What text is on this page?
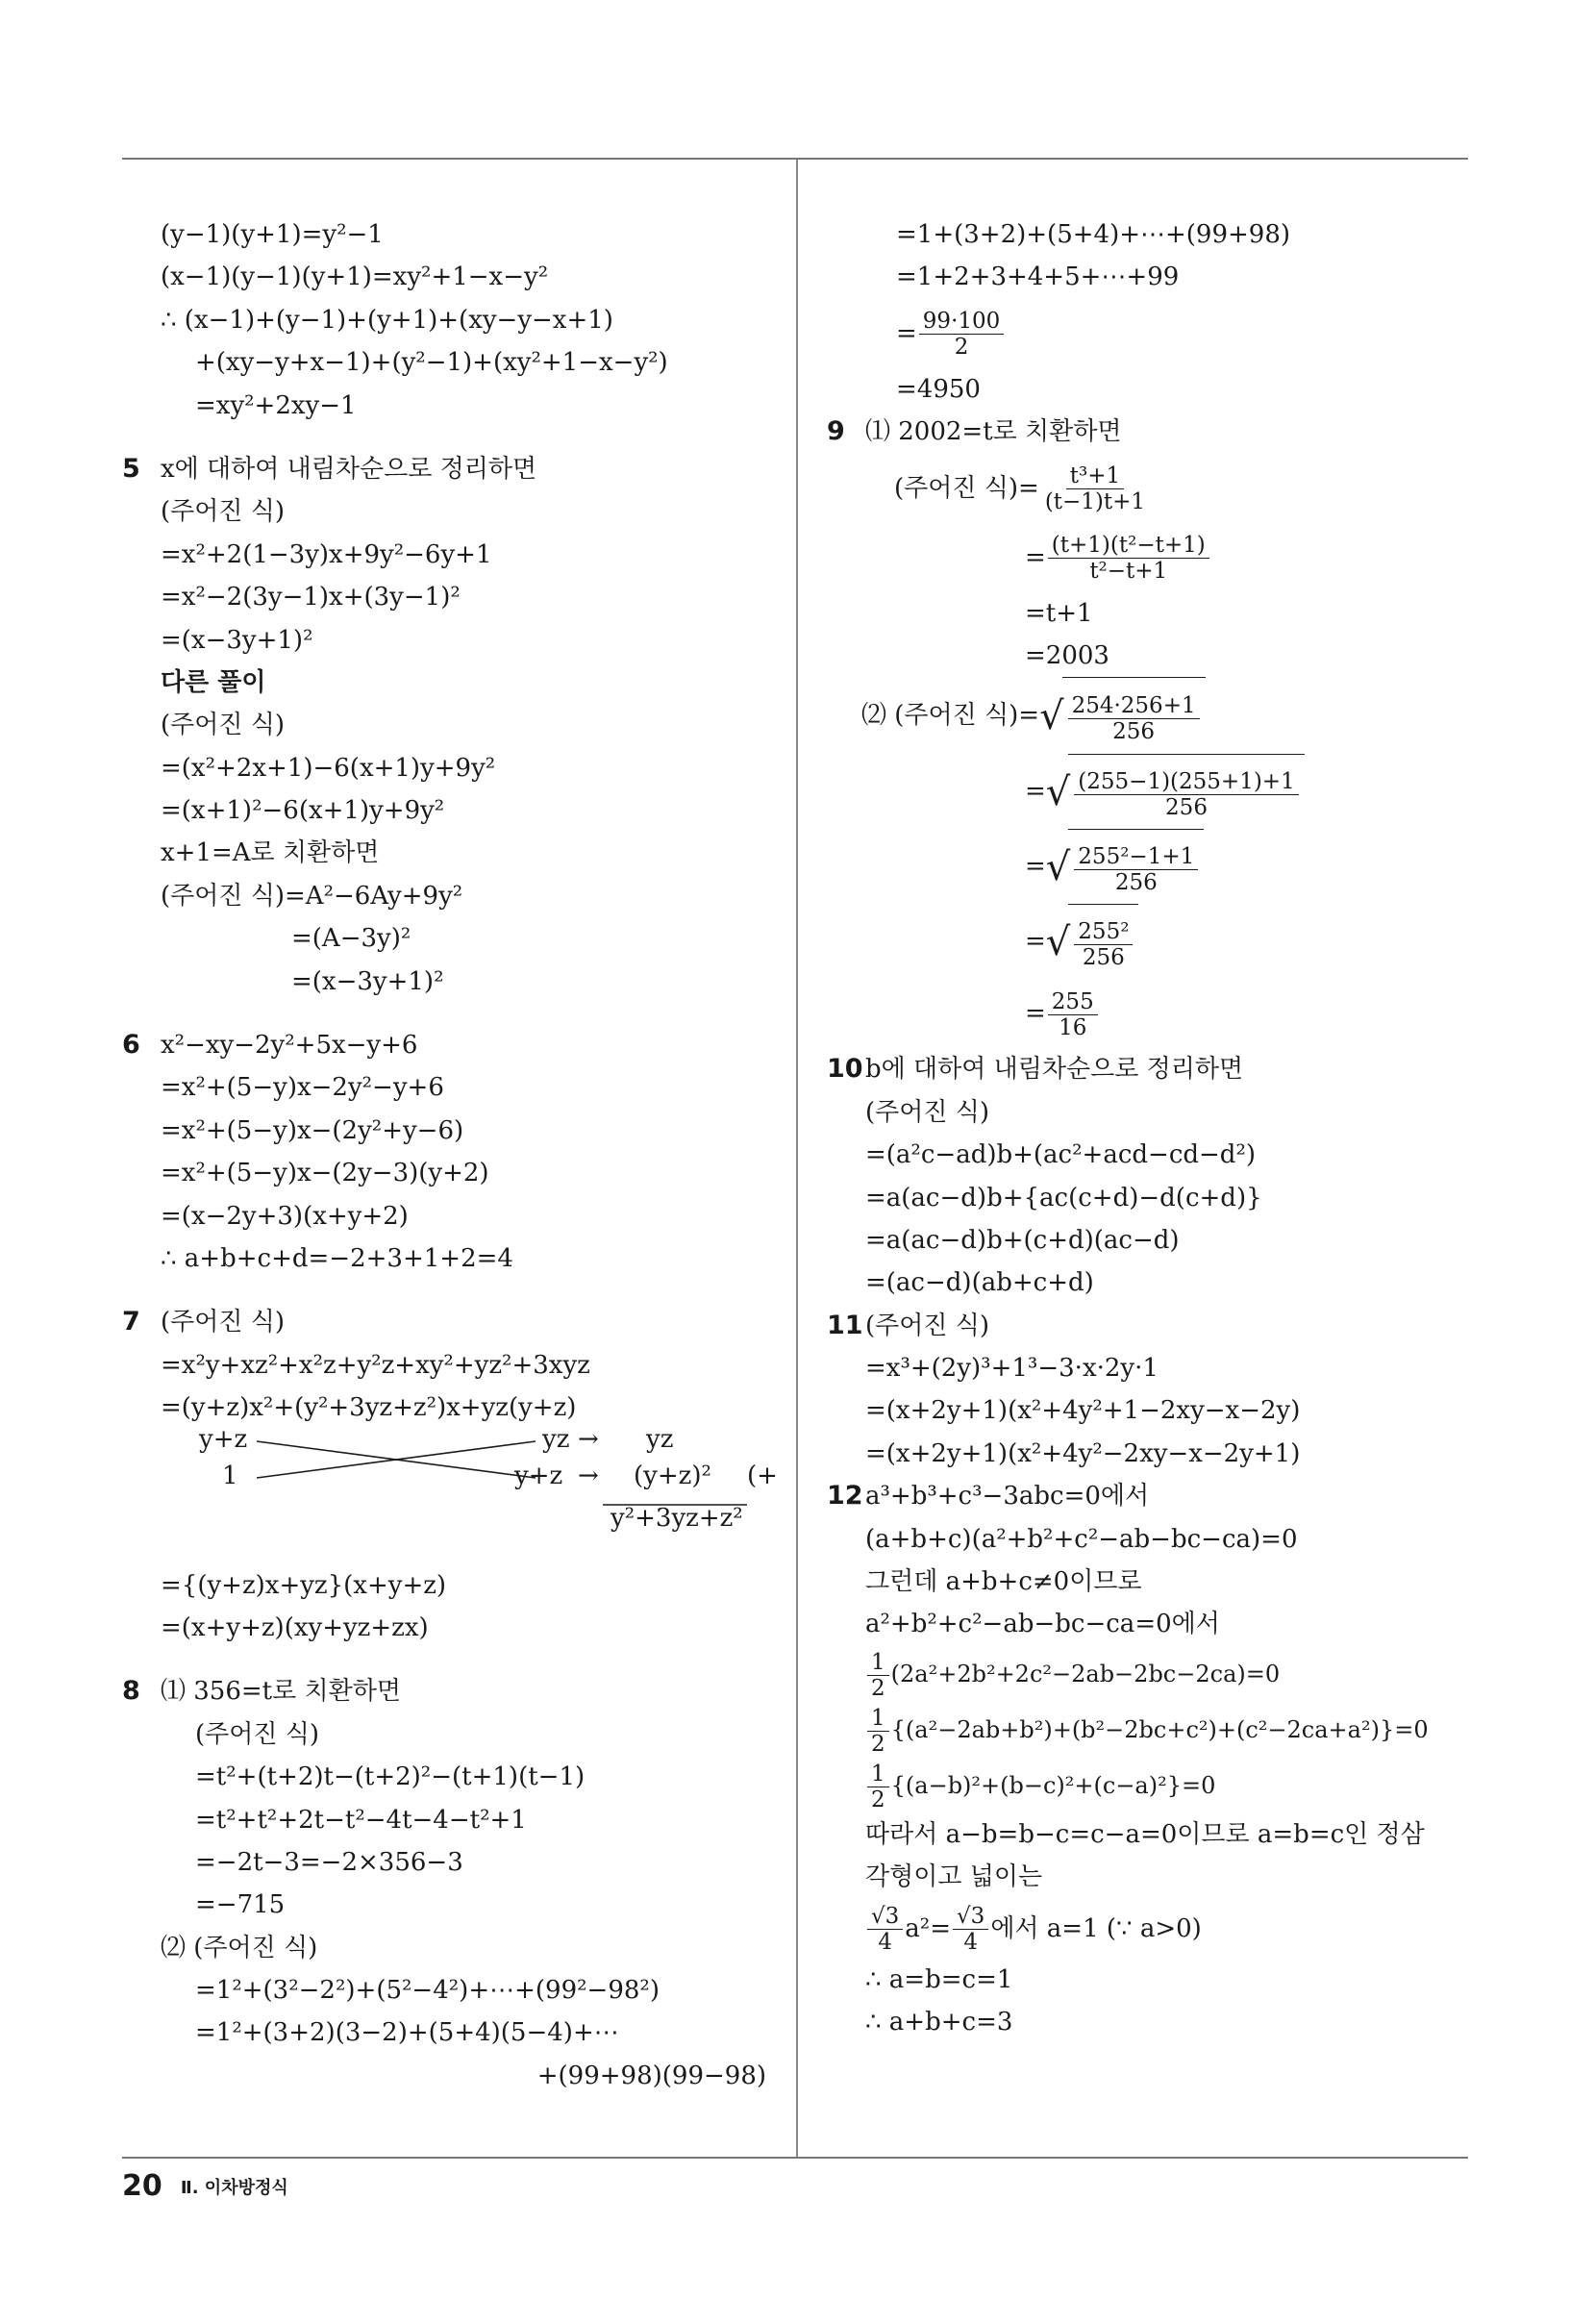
(y−1)(y+1)=y²−1
(x−1)(y−1)(y+1)=xy²+1−x−y²
∴ (x−1)+(y−1)+(y+1)+(xy−y−x+1)
+(xy−y+x−1)+(y²−1)+(xy²+1−x−y²)
=xy²+2xy−1
5 x에 대하여 내림차순으로 정리하면
(주어진 식)
=x²+2(1−3y)x+9y²−6y+1
=x²−2(3y−1)x+(3y−1)²
=(x−3y+1)²
다른 풀이
(주어진 식)
=(x²+2x+1)−6(x+1)y+9y²
=(x+1)²−6(x+1)y+9y²
x+1=A로 치환하면
(주어진 식)=A²−6Ay+9y²
=(A−3y)²
=(x−3y+1)²
6 x²−xy−2y²+5x−y+6
=x²+(5−y)x−2y²−y+6
=x²+(5−y)x−(2y²+y−6)
=x²+(5−y)x−(2y−3)(y+2)
=(x−2y+3)(x+y+2)
∴ a+b+c+d=−2+3+1+2=4
7 (주어진 식)
=x²y+xz²+x²z+y²z+xy²+yz²+3xyz
=(y+z)x²+(y²+3yz+z²)x+yz(y+z)
y+z
1
yz
y+z
→
→
yz
(y+z)² (+
y²+3yz+z²
={(y+z)x+yz}(x+y+z)
=(x+y+z)(xy+yz+zx)
8 ⑴ 356=t로 치환하면
(주어진 식)
=t²+(t+2)t−(t+2)²−(t+1)(t−1)
=t²+t²+2t−t²−4t−4−t²+1
=−2t−3=−2×356−3
=−715
⑵ (주어진 식)
=1²+(3²−2²)+(5²−4²)+⋯+(99²−98²)
=1²+(3+2)(3−2)+(5+4)(5−4)+⋯
+(99+98)(99−98)
=1+(3+2)+(5+4)+⋯+(99+98)
=1+2+3+4+5+⋯+99
= $\frac{99\cdot 100}{2}$
=4950
9 ⑴ 2002=t로 치환하면
(주어진 식)= $\frac{\text{t³+1}}{(t-1)t+1}$
= $\frac{\text{(t+1)(t²−t+1)}}{\text{t²−t+1}}$
=t+1
=2003
⑵ (주어진 식)= √ $\frac{254\cdot 256+1}{256}$
= √ $\frac{(255-1)(255+1)+1}{256}$
= √ $\frac{\text{255²−1+1}}{256}$
= √ $\frac{\text{255²}}{256}$
= $\frac{255}{16}$
10b에 대하여 내림차순으로 정리하면
(주어진 식)
=(a²c−ad)b+(ac²+acd−cd−d²)
=a(ac−d)b+{ac(c+d)−d(c+d)}
=a(ac−d)b+(c+d)(ac−d)
=(ac−d)(ab+c+d)
11(주어진 식)
=x³+(2y)³+1³−3·x·2y·1
=(x+2y+1)(x²+4y²+1−2xy−x−2y)
=(x+2y+1)(x²+4y²−2xy−x−2y+1)
12a³+b³+c³−3abc=0에서
(a+b+c)(a²+b²+c²−ab−bc−ca)=0
그런데 a+b+c≠0이므로
a²+b²+c²−ab−bc−ca=0에서
$\frac{1}{2} (2a^2+2b^2+2c^2-2ab-2bc-2ca)=0$
$\frac{1}{2} \{(a^2-2ab+b^2)+(b^2-2bc+c^2)+(c^2-2ca+a^2)\}=0$
$\frac{1}{2} \{(a-b)^2+(b-c)^2+(c-a)^2\}=0$
따라서 a−b=b−c=c−a=0이므로 a=b=c인 정삼
각형이고 넓이는
$\frac{√3}{4} a^2= \frac{√3}{4}$ 에서 a=1 (∵ a>0)
∴ a=b=c=1
∴ a+b+c=3
20 Ⅱ. 이차방정식
